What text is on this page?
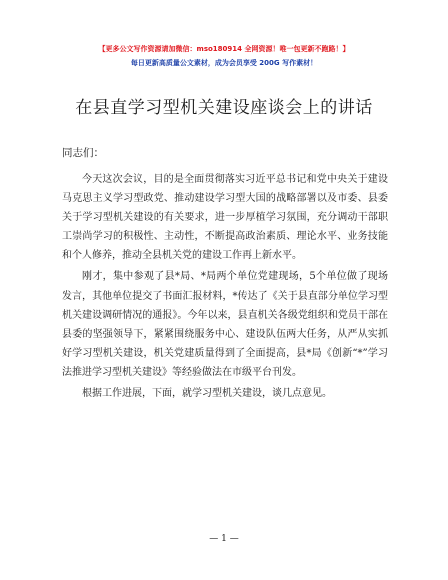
【更多公文写作资源请加微信：mso180914 全网资源！唯一包更新不跑路！】
每日更新高质量公文素材，成为会员享受 200G 写作素材！
在县直学习型机关建设座谈会上的讲话
同志们：

今天这次会议，目的是全面贯彻落实习近平总书记和党中央关于建设马克思主义学习型政党、推动建设学习型大国的战略部署以及市委、县委关于学习型机关建设的有关要求，进一步厚植学习氛围，充分调动干部职工崇尚学习的积极性、主动性，不断提高政治素质、理论水平、业务技能和个人修养，推动全县机关党的建设工作再上新水平。

刚才，集中参观了县*局、*局两个单位党建现场，5个单位做了现场发言，其他单位提交了书面汇报材料，*传达了《关于县直部分单位学习型机关建设调研情况的通报》。今年以来，县直机关各级党组织和党员干部在县委的坚强领导下，紧紧围绕服务中心、建设队伍两大任务，从严从实抓好学习型机关建设，机关党建质量得到了全面提高，县*局《创新“*”学习法推进学习型机关建设》等经验做法在市级平台刊发。

根据工作进展，下面，就学习型机关建设，谈几点意见。

— 1 —
